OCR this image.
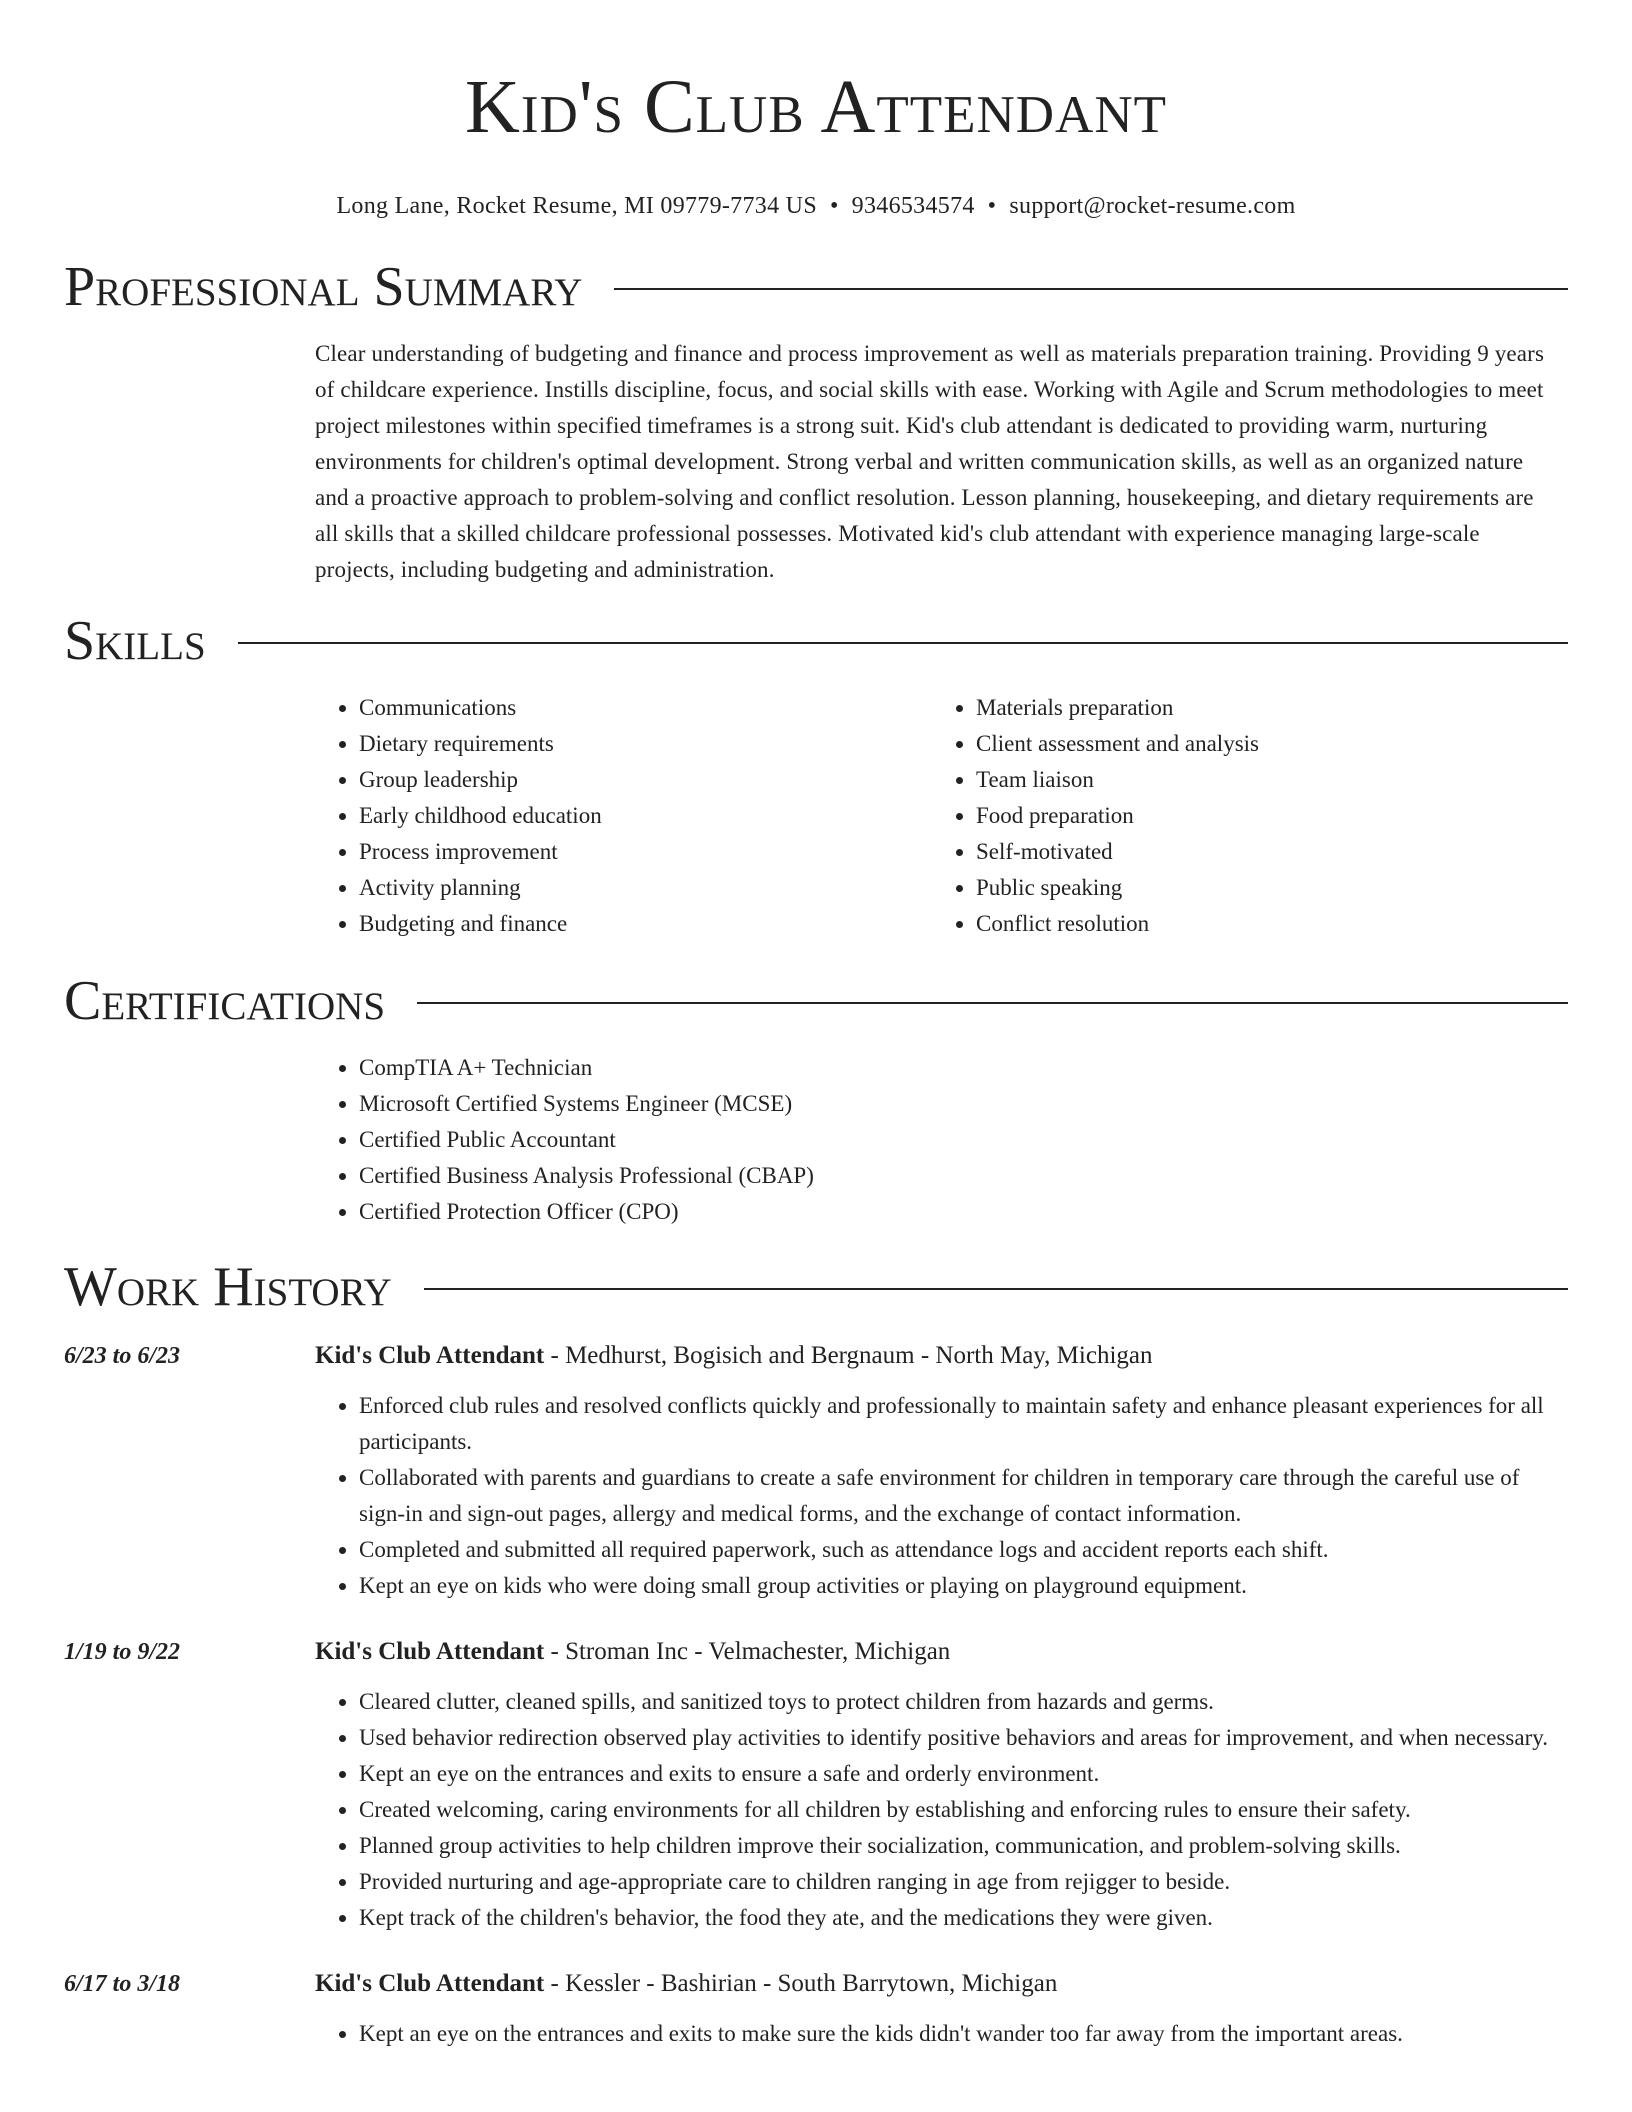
Kid's Club Attendant
Long Lane, Rocket Resume, MI 09779-7734 US • 9346534574 • support@rocket-resume.com
Professional Summary
Clear understanding of budgeting and finance and process improvement as well as materials preparation training. Providing 9 years of childcare experience. Instills discipline, focus, and social skills with ease. Working with Agile and Scrum methodologies to meet project milestones within specified timeframes is a strong suit. Kid's club attendant is dedicated to providing warm, nurturing environments for children's optimal development. Strong verbal and written communication skills, as well as an organized nature and a proactive approach to problem-solving and conflict resolution. Lesson planning, housekeeping, and dietary requirements are all skills that a skilled childcare professional possesses. Motivated kid's club attendant with experience managing large-scale projects, including budgeting and administration.
Skills
• Communications
• Dietary requirements
• Group leadership
• Early childhood education
• Process improvement
• Activity planning
• Budgeting and finance
• Materials preparation
• Client assessment and analysis
• Team liaison
• Food preparation
• Self-motivated
• Public speaking
• Conflict resolution
Certifications
• CompTIA A+ Technician
• Microsoft Certified Systems Engineer (MCSE)
• Certified Public Accountant
• Certified Business Analysis Professional (CBAP)
• Certified Protection Officer (CPO)
Work History
6/23 to 6/23	Kid's Club Attendant - Medhurst, Bogisich and Bergnaum - North May, Michigan
• Enforced club rules and resolved conflicts quickly and professionally to maintain safety and enhance pleasant experiences for all participants.
• Collaborated with parents and guardians to create a safe environment for children in temporary care through the careful use of sign-in and sign-out pages, allergy and medical forms, and the exchange of contact information.
• Completed and submitted all required paperwork, such as attendance logs and accident reports each shift.
• Kept an eye on kids who were doing small group activities or playing on playground equipment.
1/19 to 9/22	Kid's Club Attendant - Stroman Inc - Velmachester, Michigan
• Cleared clutter, cleaned spills, and sanitized toys to protect children from hazards and germs.
• Used behavior redirection observed play activities to identify positive behaviors and areas for improvement, and when necessary.
• Kept an eye on the entrances and exits to ensure a safe and orderly environment.
• Created welcoming, caring environments for all children by establishing and enforcing rules to ensure their safety.
• Planned group activities to help children improve their socialization, communication, and problem-solving skills.
• Provided nurturing and age-appropriate care to children ranging in age from rejigger to beside.
• Kept track of the children's behavior, the food they ate, and the medications they were given.
6/17 to 3/18	Kid's Club Attendant - Kessler - Bashirian - South Barrytown, Michigan
• Kept an eye on the entrances and exits to make sure the kids didn't wander too far away from the important areas.
